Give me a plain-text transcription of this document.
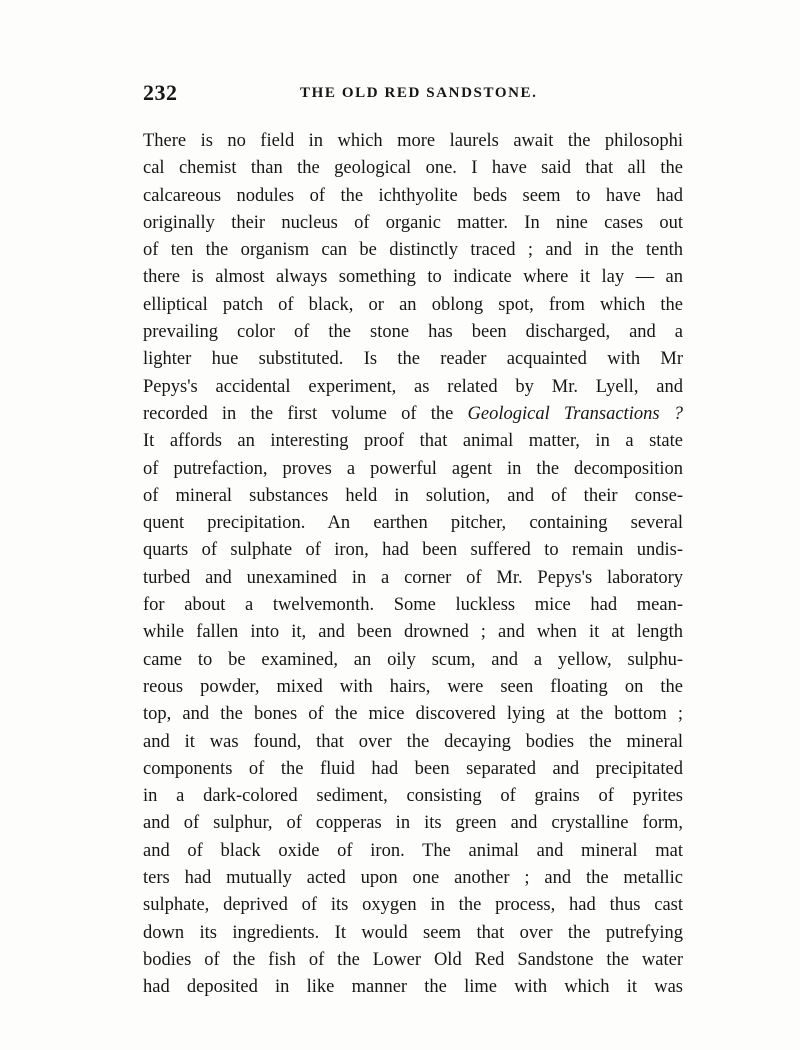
232	THE OLD RED SANDSTONE.
There is no field in which more laurels await the philosophi
cal chemist than the geological one. I have said that all the
calcareous nodules of the ichthyolite beds seem to have had
originally their nucleus of organic matter. In nine cases out
of ten the organism can be distinctly traced ; and in the tenth
there is almost always something to indicate where it lay — an
elliptical patch of black, or an oblong spot, from which the
prevailing color of the stone has been discharged, and a
lighter hue substituted. Is the reader acquainted with Mr
Pepys's accidental experiment, as related by Mr. Lyell, and
recorded in the first volume of the Geological Transactions ?
It affords an interesting proof that animal matter, in a state
of putrefaction, proves a powerful agent in the decomposition
of mineral substances held in solution, and of their conse-
quent precipitation. An earthen pitcher, containing several
quarts of sulphate of iron, had been suffered to remain undis-
turbed and unexamined in a corner of Mr. Pepys's laboratory
for about a twelvemonth. Some luckless mice had mean-
while fallen into it, and been drowned ; and when it at length
came to be examined, an oily scum, and a yellow, sulphu-
reous powder, mixed with hairs, were seen floating on the
top, and the bones of the mice discovered lying at the bottom ;
and it was found, that over the decaying bodies the mineral
components of the fluid had been separated and precipitated
in a dark-colored sediment, consisting of grains of pyrites
and of sulphur, of copperas in its green and crystalline form,
and of black oxide of iron. The animal and mineral mat
ters had mutually acted upon one another ; and the metallic
sulphate, deprived of its oxygen in the process, had thus cast
down its ingredients. It would seem that over the putrefying
bodies of the fish of the Lower Old Red Sandstone the water
had deposited in like manner the lime with which it was
